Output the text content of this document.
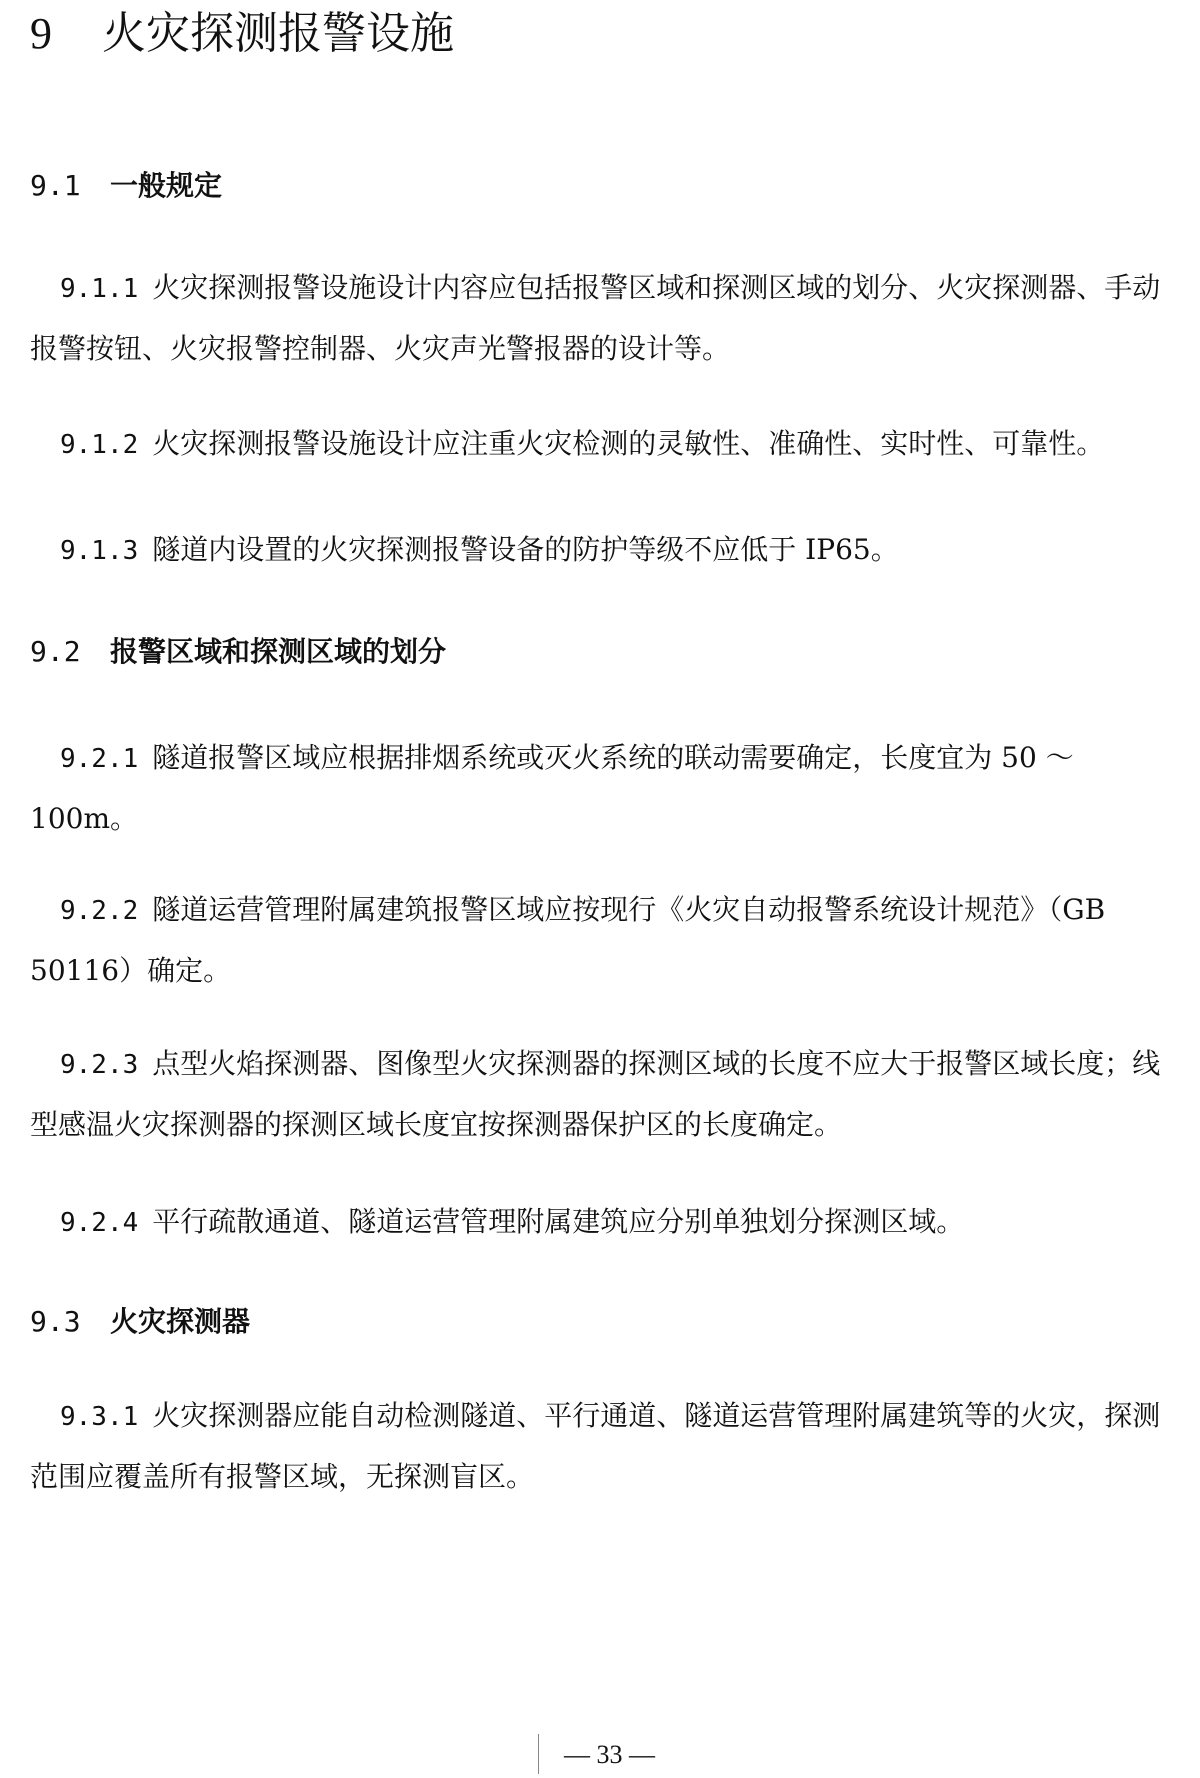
9 火灾探测报警设施
9.1 一般规定

9.1.1 火灾探测报警设施设计内容应包括报警区域和探测区域的划分、火灾探测器、手动报警按钮、火灾报警控制器、火灾声光警报器的设计等。

9.1.2 火灾探测报警设施设计应注重火灾检测的灵敏性、准确性、实时性、可靠性。

9.1.3 隧道内设置的火灾探测报警设备的防护等级不应低于 IP65。

9.2 报警区域和探测区域的划分

9.2.1 隧道报警区域应根据排烟系统或灭火系统的联动需要确定，长度宜为 50 ～ 100m。

9.2.2 隧道运营管理附属建筑报警区域应按现行《火灾自动报警系统设计规范》（GB 50116）确定。

9.2.3 点型火焰探测器、图像型火灾探测器的探测区域的长度不应大于报警区域长度；线型感温火灾探测器的探测区域长度宜按探测器保护区的长度确定。

9.2.4 平行疏散通道、隧道运营管理附属建筑应分别单独划分探测区域。

9.3 火灾探测器

9.3.1 火灾探测器应能自动检测隧道、平行通道、隧道运营管理附属建筑等的火灾，探测范围应覆盖所有报警区域，无探测盲区。

— 33 —
